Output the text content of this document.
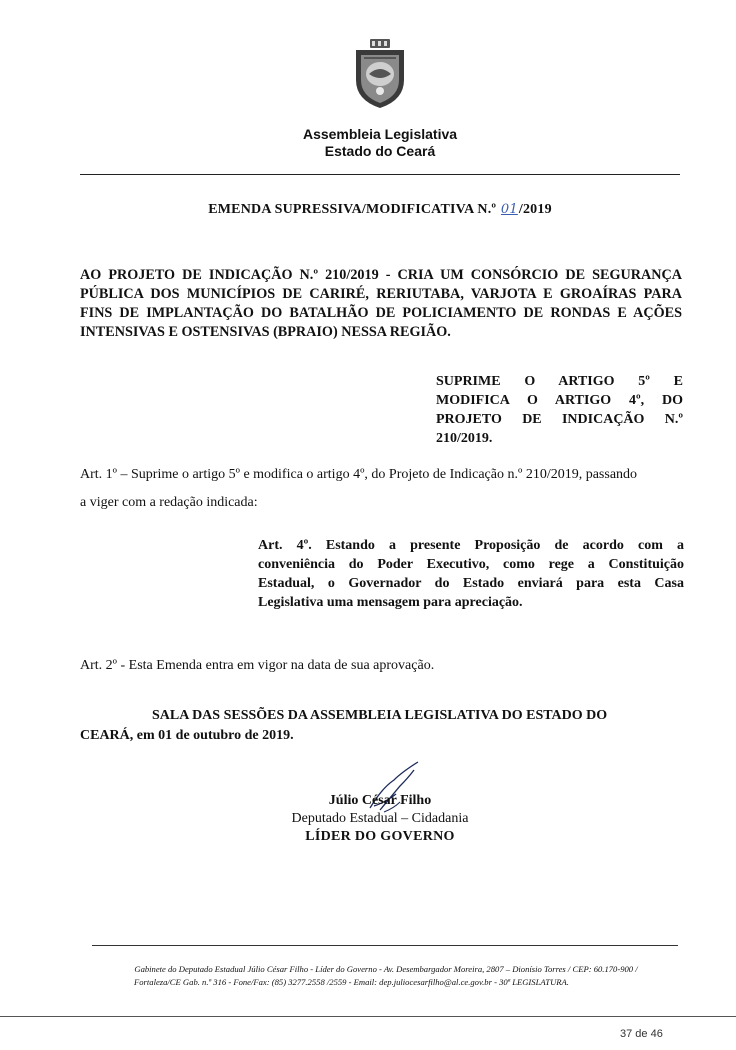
Assembleia Legislativa
Estado do Ceará
EMENDA SUPRESSIVA/MODIFICATIVA N.º 01/2019
AO PROJETO DE INDICAÇÃO N.º 210/2019 - CRIA UM CONSÓRCIO DE SEGURANÇA
PÚBLICA DOS MUNICÍPIOS DE CARIRÉ, RERIUTABA, VARJOTA E GROAÍRAS PARA
FINS DE IMPLANTAÇÃO DO BATALHÃO DE POLICIAMENTO DE RONDAS E AÇÕES
INTENSIVAS E OSTENSIVAS (BPRAIO) NESSA REGIÃO.
SUPRIME O ARTIGO 5º E
MODIFICA O ARTIGO 4º, DO
PROJETO DE INDICAÇÃO N.º
210/2019.
Art. 1º – Suprime o artigo 5º e modifica o artigo 4º, do Projeto de Indicação n.º 210/2019, passando
a viger com a redação indicada:
Art. 4º. Estando a presente Proposição de acordo com a
conveniência do Poder Executivo, como rege a Constituição
Estadual, o Governador do Estado enviará para esta Casa
Legislativa uma mensagem para apreciação.
Art. 2º - Esta Emenda entra em vigor na data de sua aprovação.
SALA DAS SESSÕES DA ASSEMBLEIA LEGISLATIVA DO ESTADO DO
CEARÁ, em 01 de outubro de 2019.
Júlio César Filho
Deputado Estadual – Cidadania
LÍDER DO GOVERNO
Gabinete do Deputado Estadual Júlio César Filho - Líder do Governo - Av. Desembargador Moreira, 2807 – Dionísio Torres / CEP: 60.170-900 /
Fortaleza/CE Gab. n.º 316 - Fone/Fax: (85) 3277.2558 /2559 - Email: dep.juliocesarfilho@al.ce.gov.br - 30ª LEGISLATURA.
37 de 46
